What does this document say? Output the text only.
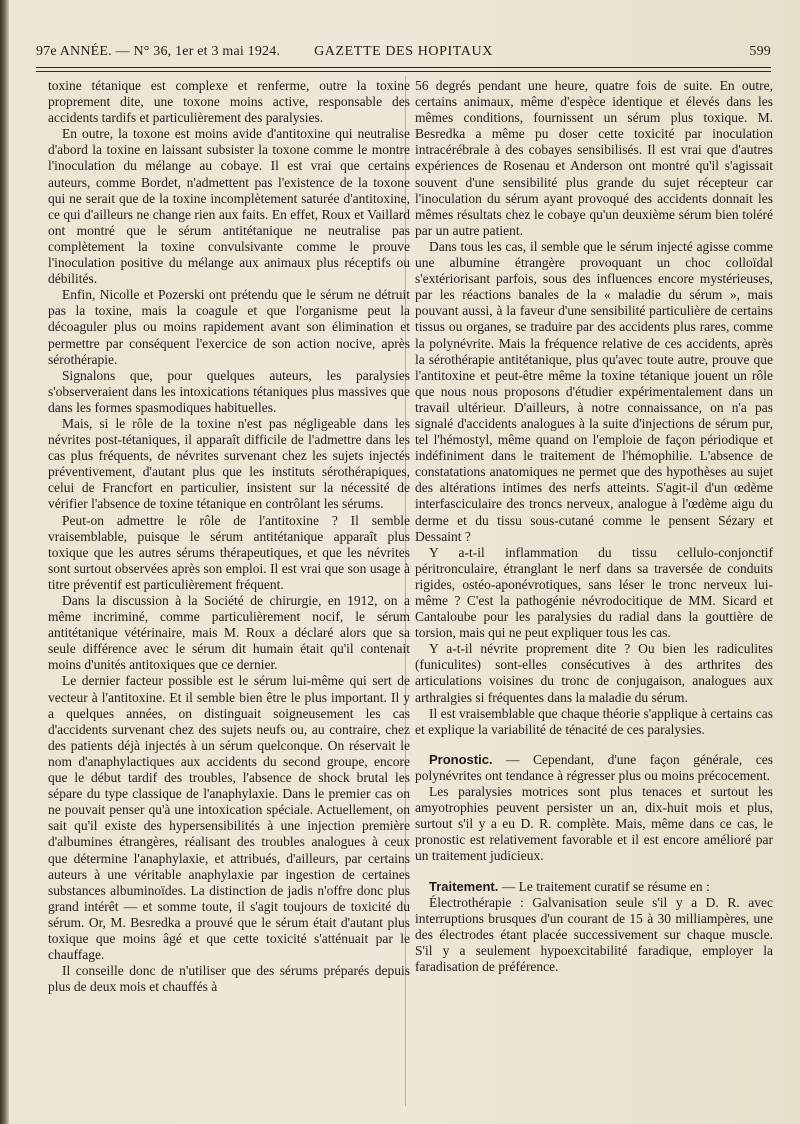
97e ANNÉE. — N° 36, 1er et 3 mai 1924.	GAZETTE DES HOPITAUX	599

toxine tétanique est complexe et renferme, outre la toxine proprement dite, une toxone moins active, responsable des accidents tardifs et particulièrement des paralysies.

En outre, la toxone est moins avide d'antitoxine qui neutralise d'abord la toxine en laissant subsister la toxone comme le montre l'inoculation du mélange au cobaye. Il est vrai que certains auteurs, comme Bordet, n'admettent pas l'existence de la toxone qui ne serait que de la toxine incomplètement saturée d'antitoxine, ce qui d'ailleurs ne change rien aux faits. En effet, Roux et Vaillard ont montré que le sérum antitétanique ne neutralise pas complètement la toxine convulsivante comme le prouve l'inoculation positive du mélange aux animaux plus réceptifs ou débilités.

Enfin, Nicolle et Pozerski ont prétendu que le sérum ne détruit pas la toxine, mais la coagule et que l'organisme peut la décoaguler plus ou moins rapidement avant son élimination et permettre par conséquent l'exercice de son action nocive, après sérothérapie.

Signalons que, pour quelques auteurs, les paralysies s'observeraient dans les intoxications tétaniques plus massives que dans les formes spasmodiques habituelles.

Mais, si le rôle de la toxine n'est pas négligeable dans les névrites post-tétaniques, il apparaît difficile de l'admettre dans les cas plus fréquents, de névrites survenant chez les sujets injectés préventivement, d'autant plus que les instituts sérothérapiques, celui de Francfort en particulier, insistent sur la nécessité de vérifier l'absence de toxine tétanique en contrôlant les sérums.

Peut-on admettre le rôle de l'antitoxine ? Il semble vraisemblable, puisque le sérum antitétanique apparaît plus toxique que les autres sérums thérapeutiques, et que les névrites sont surtout observées après son emploi. Il est vrai que son usage à titre préventif est particulièrement fréquent.

Dans la discussion à la Société de chirurgie, en 1912, on a même incriminé, comme particulièrement nocif, le sérum antitétanique vétérinaire, mais M. Roux a déclaré alors que sa seule différence avec le sérum dit humain était qu'il contenait moins d'unités antitoxiques que ce dernier.

Le dernier facteur possible est le sérum lui-même qui sert de vecteur à l'antitoxine. Et il semble bien être le plus important. Il y a quelques années, on distinguait soigneusement les cas d'accidents survenant chez des sujets neufs ou, au contraire, chez des patients déjà injectés à un sérum quelconque. On réservait le nom d'anaphylactiques aux accidents du second groupe, encore que le début tardif des troubles, l'absence de shock brutal les sépare du type classique de l'anaphylaxie. Dans le premier cas on ne pouvait penser qu'à une intoxication spéciale. Actuellement, on sait qu'il existe des hypersensibilités à une injection première d'albumines étrangères, réalisant des troubles analogues à ceux que détermine l'anaphylaxie, et attribués, d'ailleurs, par certains auteurs à une véritable anaphylaxie par ingestion de certaines substances albuminoïdes. La distinction de jadis n'offre donc plus grand intérêt — et somme toute, il s'agit toujours de toxicité du sérum. Or, M. Besredka a prouvé que le sérum était d'autant plus toxique que moins âgé et que cette toxicité s'atténuait par le chauffage.

Il conseille donc de n'utiliser que des sérums préparés depuis plus de deux mois et chauffés à

56 degrés pendant une heure, quatre fois de suite. En outre, certains animaux, même d'espèce identique et élevés dans les mêmes conditions, fournissent un sérum plus toxique. M. Besredka a même pu doser cette toxicité par inoculation intracérébrale à des cobayes sensibilisés. Il est vrai que d'autres expériences de Rosenau et Anderson ont montré qu'il s'agissait souvent d'une sensibilité plus grande du sujet récepteur car l'inoculation du sérum ayant provoqué des accidents donnait les mêmes résultats chez le cobaye qu'un deuxième sérum bien toléré par un autre patient.

Dans tous les cas, il semble que le sérum injecté agisse comme une albumine étrangère provoquant un choc colloïdal s'extériorisant parfois, sous des influences encore mystérieuses, par les réactions banales de la « maladie du sérum », mais pouvant aussi, à la faveur d'une sensibilité particulière de certains tissus ou organes, se traduire par des accidents plus rares, comme la polynévrite. Mais la fréquence relative de ces accidents, après la sérothérapie antitétanique, plus qu'avec toute autre, prouve que l'antitoxine et peut-être même la toxine tétanique jouent un rôle que nous nous proposons d'étudier expérimentalement dans un travail ultérieur. D'ailleurs, à notre connaissance, on n'a pas signalé d'accidents analogues à la suite d'injections de sérum pur, tel l'hémostyl, même quand on l'emploie de façon périodique et indéfiniment dans le traitement de l'hémophilie. L'absence de constatations anatomiques ne permet que des hypothèses au sujet des altérations intimes des nerfs atteints. S'agit-il d'un œdème interfasciculaire des troncs nerveux, analogue à l'œdème aigu du derme et du tissu sous-cutané comme le pensent Sézary et Dessaint ?

Y a-t-il inflammation du tissu cellulo-conjonctif péritronculaire, étranglant le nerf dans sa traversée de conduits rigides, ostéo-aponévrotiques, sans léser le tronc nerveux lui-même ? C'est la pathogénie névrodocitique de MM. Sicard et Cantaloube pour les paralysies du radial dans la gouttière de torsion, mais qui ne peut expliquer tous les cas.

Y a-t-il névrite proprement dite ? Ou bien les radiculites (funiculites) sont-elles consécutives à des arthrites des articulations voisines du tronc de conjugaison, analogues aux arthralgies si fréquentes dans la maladie du sérum.

Il est vraisemblable que chaque théorie s'applique à certains cas et explique la variabilité de ténacité de ces paralysies.

Pronostic. — Cependant, d'une façon générale, ces polynévrites ont tendance à régresser plus ou moins précocement.

Les paralysies motrices sont plus tenaces et surtout les amyotrophies peuvent persister un an, dix-huit mois et plus, surtout s'il y a eu D. R. complète. Mais, même dans ce cas, le pronostic est relativement favorable et il est encore amélioré par un traitement judicieux.

Traitement. — Le traitement curatif se résume en :

Électrothérapie : Galvanisation seule s'il y a D. R. avec interruptions brusques d'un courant de 15 à 30 milliampères, une des électrodes étant placée successivement sur chaque muscle. S'il y a seulement hypoexcitabilité faradique, employer la faradisation de préférence.
